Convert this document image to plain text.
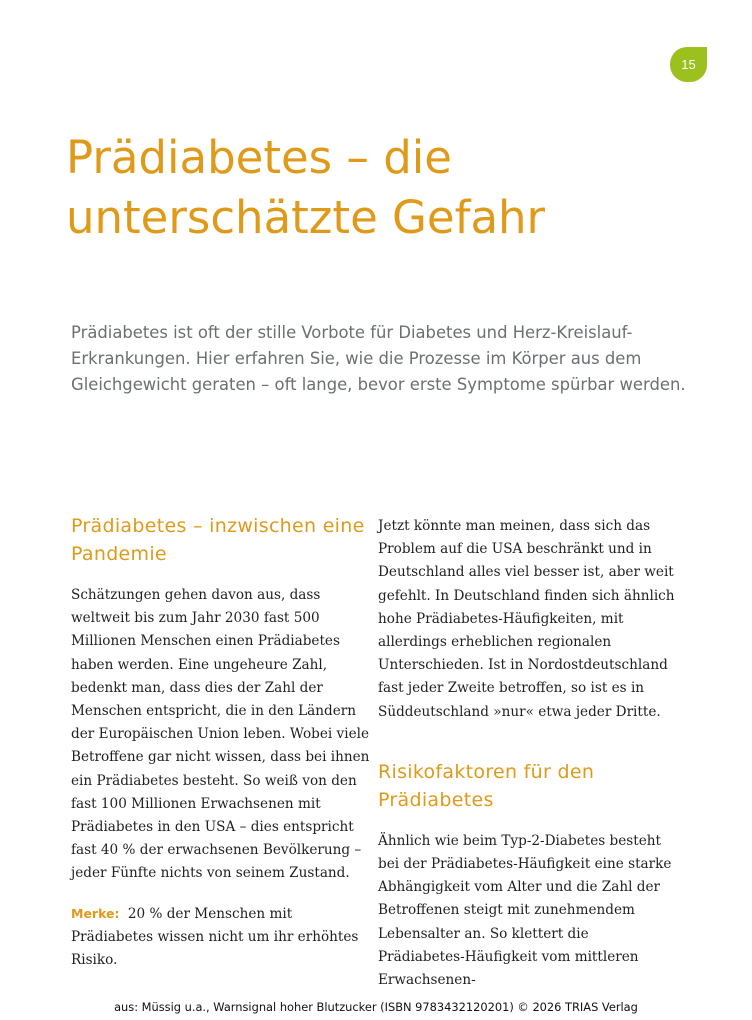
15
Prädiabetes – die
unterschätzte Gefahr

Prädiabetes ist oft der stille Vorbote für Diabetes und Herz-Kreislauf-Erkrankungen. Hier erfahren Sie, wie die Prozesse im Körper aus dem Gleichgewicht geraten – oft lange, bevor erste Symptome spürbar werden.

Prädiabetes – inzwischen eine Pandemie

Schätzungen gehen davon aus, dass weltweit bis zum Jahr 2030 fast 500 Millionen Menschen einen Prädiabetes haben werden. Eine ungeheure Zahl, bedenkt man, dass dies der Zahl der Menschen entspricht, die in den Ländern der Europäischen Union leben. Wobei viele Betroffene gar nicht wissen, dass bei ihnen ein Prädiabetes besteht. So weiß von den fast 100 Millionen Erwachsenen mit Prädiabetes in den USA – dies entspricht fast 40 % der erwachsenen Bevölkerung – jeder Fünfte nichts von seinem Zustand.

Merke: 20 % der Menschen mit Prädiabetes wissen nicht um ihr erhöhtes Risiko.

Jetzt könnte man meinen, dass sich das Problem auf die USA beschränkt und in Deutschland alles viel besser ist, aber weit gefehlt. In Deutschland finden sich ähnlich hohe Prädiabetes-Häufigkeiten, mit allerdings erheblichen regionalen Unterschieden. Ist in Nordostdeutschland fast jeder Zweite betroffen, so ist es in Süddeutschland »nur« etwa jeder Dritte.

Risikofaktoren für den Prädiabetes

Ähnlich wie beim Typ-2-Diabetes besteht bei der Prädiabetes-Häufigkeit eine starke Abhängigkeit vom Alter und die Zahl der Betroffenen steigt mit zunehmendem Lebensalter an. So klettert die Prädiabetes-Häufigkeit vom mittleren Erwachsenen-

aus: Müssig u.a., Warnsignal hoher Blutzucker (ISBN 9783432120201) © 2026 TRIAS Verlag
